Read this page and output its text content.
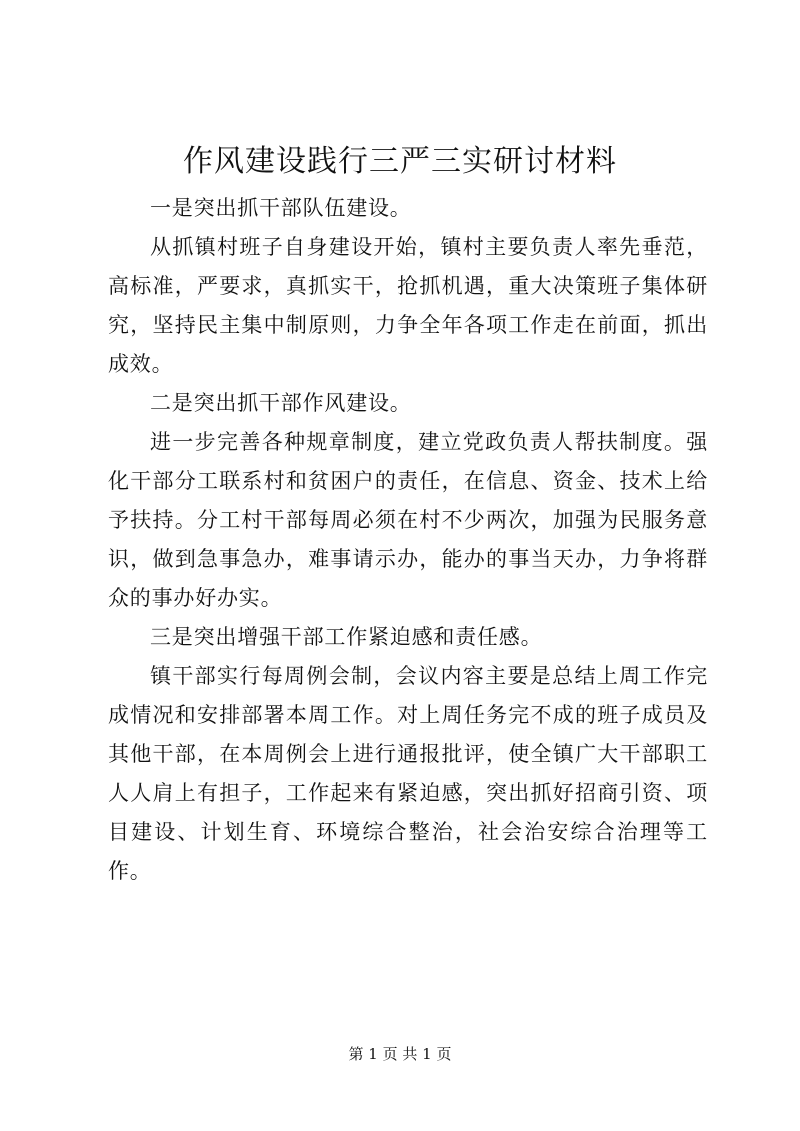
作风建设践行三严三实研讨材料

一是突出抓干部队伍建设。

从抓镇村班子自身建设开始，镇村主要负责人率先垂范，高标准，严要求，真抓实干，抢抓机遇，重大决策班子集体研究，坚持民主集中制原则，力争全年各项工作走在前面，抓出成效。

二是突出抓干部作风建设。

进一步完善各种规章制度，建立党政负责人帮扶制度。强化干部分工联系村和贫困户的责任，在信息、资金、技术上给予扶持。分工村干部每周必须在村不少两次，加强为民服务意识，做到急事急办，难事请示办，能办的事当天办，力争将群众的事办好办实。

三是突出增强干部工作紧迫感和责任感。

镇干部实行每周例会制，会议内容主要是总结上周工作完成情况和安排部署本周工作。对上周任务完不成的班子成员及其他干部，在本周例会上进行通报批评，使全镇广大干部职工人人肩上有担子，工作起来有紧迫感，突出抓好招商引资、项目建设、计划生育、环境综合整治，社会治安综合治理等工作。

第 1 页 共 1 页
